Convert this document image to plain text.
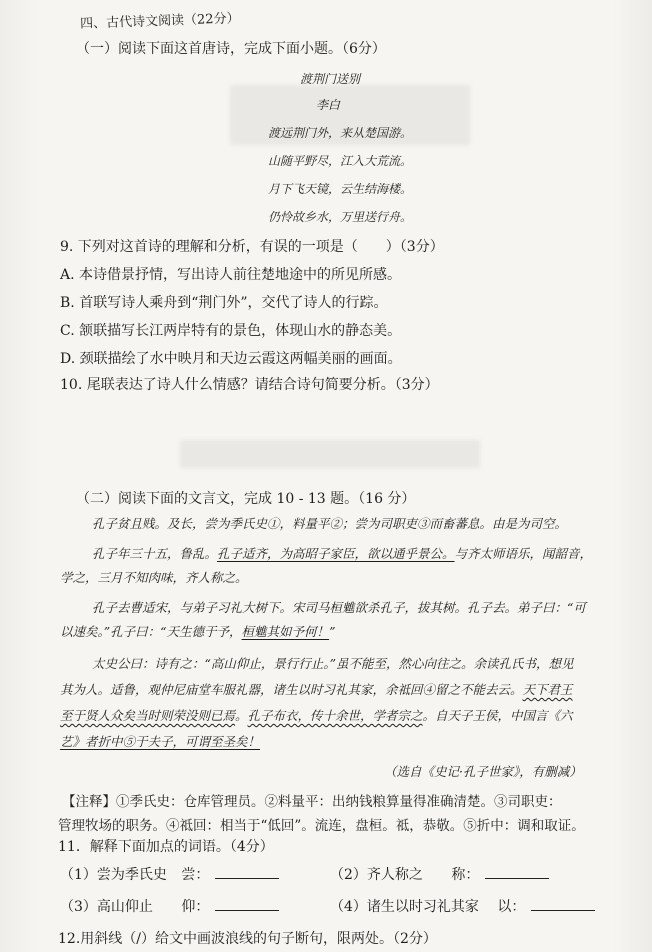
四、古代诗文阅读（22分）
（一）阅读下面这首唐诗，完成下面小题。（6分）
渡荆门送别
李白
渡远荆门外，来从楚国游。
山随平野尽，江入大荒流。
月下飞天镜，云生结海楼。
仍怜故乡水，万里送行舟。
9. 下列对这首诗的理解和分析，有误的一项是（　　）（3分）
A. 本诗借景抒情，写出诗人前往楚地途中的所见所感。
B. 首联写诗人乘舟到“荆门外”，交代了诗人的行踪。
C. 颔联描写长江两岸特有的景色，体现山水的静态美。
D. 颈联描绘了水中映月和天边云霞这两幅美丽的画面。
10. 尾联表达了诗人什么情感？请结合诗句简要分析。（3分）
（二）阅读下面的文言文，完成 10 - 13 题。（16 分）
孔子贫且贱。及长，尝为季氏史①，料量平②；尝为司职吏③而畜蕃息。由是为司空。
孔子年三十五，鲁乱。孔子适齐，为高昭子家臣，欲以通乎景公。与齐太师语乐，闻韶音，
学之，三月不知肉味，齐人称之。
孔子去曹适宋，与弟子习礼大树下。宋司马桓魋欲杀孔子，拔其树。孔子去。弟子曰：“可
以速矣。”孔子曰：“天生德于予，桓魋其如予何！”
太史公曰：诗有之：“高山仰止，景行行止。”虽不能至，然心向往之。余读孔氏书，想见
其为人。适鲁，观仲尼庙堂车服礼器，诸生以时习礼其家，余祗回④留之不能去云。天下君王
至于贤人众矣当时则荣没则已焉。孔子布衣，传十余世，学者宗之。自天子王侯，中国言《六
艺》者折中⑤于夫子，可谓至圣矣！
（选自《史记·孔子世家》，有删减）
【注释】①季氏史：仓库管理员。②料量平：出纳钱粮算量得准确清楚。③司职吏：
管理牧场的职务。④祗回：相当于“低回”。流连，盘桓。祗，恭敬。⑤折中：调和取证。
11．解释下面加点的词语。（4分）
（1）尝为季氏史 尝：	（2）齐人称之 称：
（3）高山仰止 仰：	（4）诸生以时习礼其家 以：
12.用斜线（/）给文中画波浪线的句子断句，限两处。（2分）
